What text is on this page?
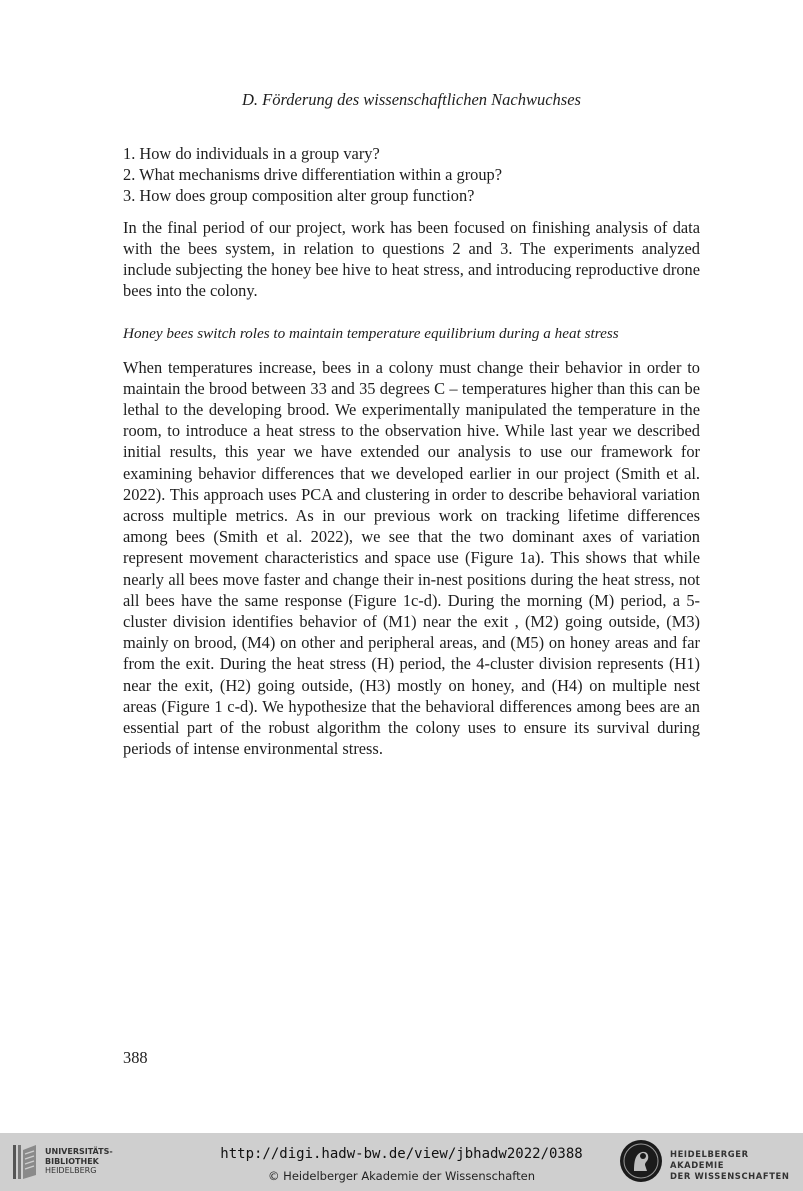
D. Förderung des wissenschaftlichen Nachwuchses
1. How do individuals in a group vary?
2. What mechanisms drive differentiation within a group?
3. How does group composition alter group function?

In the final period of our project, work has been focused on finishing analysis of data with the bees system, in relation to questions 2 and 3. The experiments analyzed include subjecting the honey bee hive to heat stress, and introducing reproductive drone bees into the colony.

Honey bees switch roles to maintain temperature equilibrium during a heat stress

When temperatures increase, bees in a colony must change their behavior in order to maintain the brood between 33 and 35 degrees C – temperatures higher than this can be lethal to the developing brood. We experimentally manipulated the temperature in the room, to introduce a heat stress to the observation hive. While last year we described initial results, this year we have extended our analysis to use our framework for examining behavior differences that we developed earlier in our project (Smith et al. 2022). This approach uses PCA and clustering in order to describe behavioral variation across multiple metrics. As in our previous work on tracking lifetime differences among bees (Smith et al. 2022), we see that the two dominant axes of variation represent movement characteristics and space use (Figure 1a). This shows that while nearly all bees move faster and change their in-nest positions during the heat stress, not all bees have the same response (Figure 1c-d). During the morning (M) period, a 5-cluster division identifies behavior of (M1) near the exit , (M2) going outside, (M3) mainly on brood, (M4) on other and peripheral areas, and (M5) on honey areas and far from the exit. During the heat stress (H) period, the 4-cluster division represents (H1) near the exit, (H2) going outside, (H3) mostly on honey, and (H4) on multiple nest areas (Figure 1 c-d). We hypothesize that the behavioral differences among bees are an essential part of the robust algorithm the colony uses to ensure its survival during periods of intense environmental stress.

388
UNIVERSITÄTS-
BIBLIOTHEK
HEIDELBERG
http://digi.hadw-bw.de/view/jbhadw2022/0388
© Heidelberger Akademie der Wissenschaften
HEIDELBERGER AKADEMIE
DER WISSENSCHAFTEN
